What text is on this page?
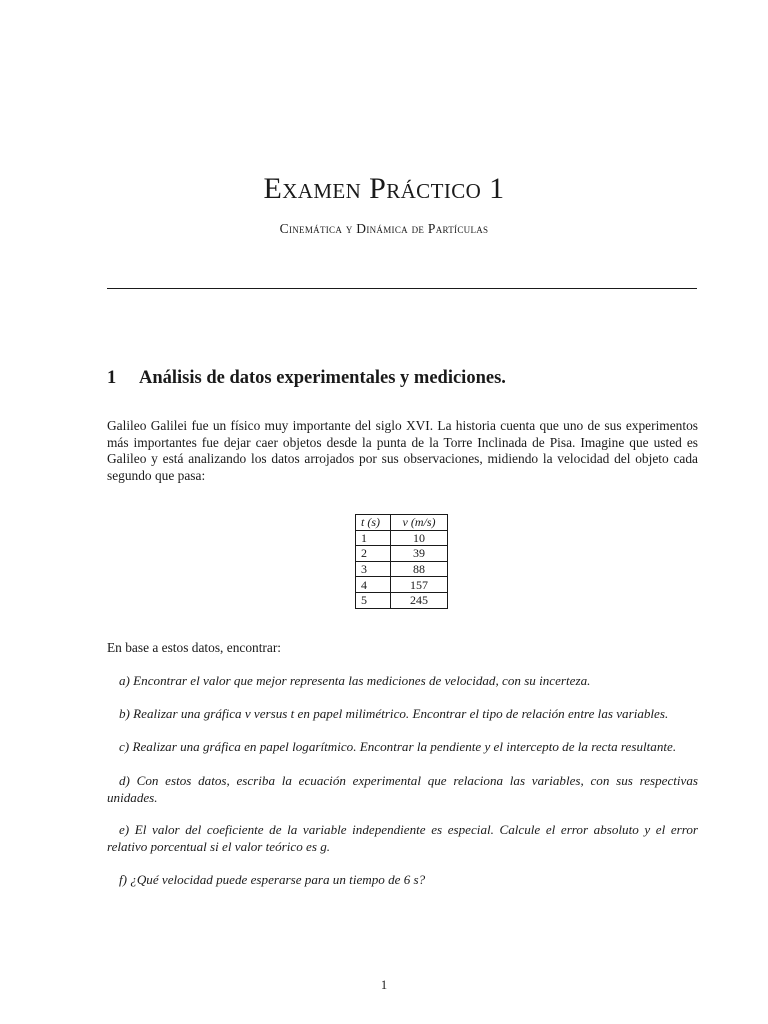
Examen Práctico 1
Cinemática y Dinámica de Partículas
1 Análisis de datos experimentales y mediciones.
Galileo Galilei fue un físico muy importante del siglo XVI. La historia cuenta que uno de sus experimentos más importantes fue dejar caer objetos desde la punta de la Torre Inclinada de Pisa. Imagine que usted es Galileo y está analizando los datos arrojados por sus observaciones, midiendo la velocidad del objeto cada segundo que pasa:
t (s)	v (m/s)
1	10
2	39
3	88
4	157
5	245
En base a estos datos, encontrar:
a) Encontrar el valor que mejor representa las mediciones de velocidad, con su incerteza.
b) Realizar una gráfica v versus t en papel milimétrico. Encontrar el tipo de relación entre las variables.
c) Realizar una gráfica en papel logarítmico. Encontrar la pendiente y el intercepto de la recta resultante.
d) Con estos datos, escriba la ecuación experimental que relaciona las variables, con sus respectivas unidades.
e) El valor del coeficiente de la variable independiente es especial. Calcule el error absoluto y el error relativo porcentual si el valor teórico es g.
f) ¿Qué velocidad puede esperarse para un tiempo de 6 s?
1
